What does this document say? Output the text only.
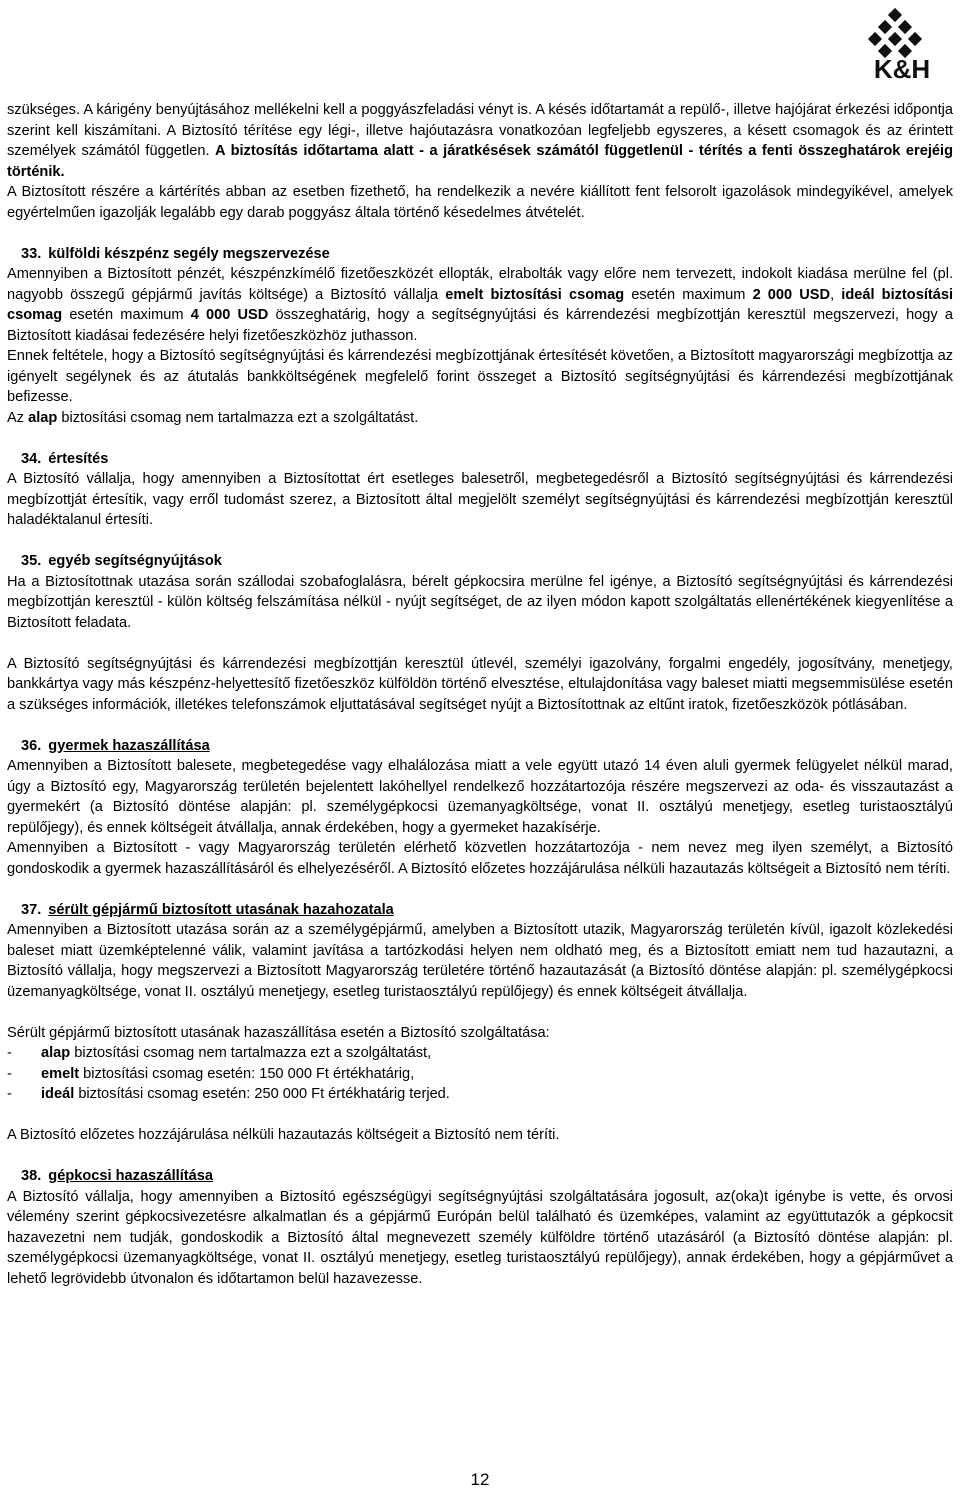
K&H

szükséges. A kárigény benyújtásához mellékelni kell a poggyászfeladási vényt is. A késés időtartamát a repülő-, illetve hajójárat érkezési időpontja szerint kell kiszámítani. A Biztosító térítése egy légi-, illetve hajóutazásra vonatkozóan legfeljebb egyszeres, a késett csomagok és az érintett személyek számától független. A biztosítás időtartama alatt - a járatkésések számától függetlenül - térítés a fenti összeghatárok erejéig történik.

A Biztosított részére a kártérítés abban az esetben fizethető, ha rendelkezik a nevére kiállított fent felsorolt igazolások mindegyikével, amelyek egyértelműen igazolják legalább egy darab poggyász általa történő késedelmes átvételét.

33. külföldi készpénz segély megszervezése

Amennyiben a Biztosított pénzét, készpénzkímélő fizetőeszközét ellopták, elrabolták vagy előre nem tervezett, indokolt kiadása merülne fel (pl. nagyobb összegű gépjármű javítás költsége) a Biztosító vállalja emelt biztosítási csomag esetén maximum 2 000 USD, ideál biztosítási csomag esetén maximum 4 000 USD összeghatárig, hogy a segítségnyújtási és kárrendezési megbízottján keresztül megszervezi, hogy a Biztosított kiadásai fedezésére helyi fizetőeszközhöz juthasson.

Ennek feltétele, hogy a Biztosító segítségnyújtási és kárrendezési megbízottjának értesítését követően, a Biztosított magyarországi megbízottja az igényelt segélynek és az átutalás bankköltségének megfelelő forint összeget a Biztosító segítségnyújtási és kárrendezési megbízottjának befizesse.

Az alap biztosítási csomag nem tartalmazza ezt a szolgáltatást.

34. értesítés

A Biztosító vállalja, hogy amennyiben a Biztosítottat ért esetleges balesetről, megbetegedésről a Biztosító segítségnyújtási és kárrendezési megbízottját értesítik, vagy erről tudomást szerez, a Biztosított által megjelölt személyt segítségnyújtási és kárrendezési megbízottján keresztül haladéktalanul értesíti.

35. egyéb segítségnyújtások

Ha a Biztosítottnak utazása során szállodai szobafoglalásra, bérelt gépkocsira merülne fel igénye, a Biztosító segítségnyújtási és kárrendezési megbízottján keresztül - külön költség felszámítása nélkül - nyújt segítséget, de az ilyen módon kapott szolgáltatás ellenértékének kiegyenlítése a Biztosított feladata.

A Biztosító segítségnyújtási és kárrendezési megbízottján keresztül útlevél, személyi igazolvány, forgalmi engedély, jogosítvány, menetjegy, bankkártya vagy más készpénz-helyettesítő fizetőeszköz külföldön történő elvesztése, eltulajdonítása vagy baleset miatti megsemmisülése esetén a szükséges információk, illetékes telefonszámok eljuttatásával segítséget nyújt a Biztosítottnak az eltűnt iratok, fizetőeszközök pótlásában.

36. gyermek hazaszállítása

Amennyiben a Biztosított balesete, megbetegedése vagy elhalálozása miatt a vele együtt utazó 14 éven aluli gyermek felügyelet nélkül marad, úgy a Biztosító egy, Magyarország területén bejelentett lakóhellyel rendelkező hozzátartozója részére megszervezi az oda- és visszautazást a gyermekért (a Biztosító döntése alapján: pl. személygépkocsi üzemanyagköltsége, vonat II. osztályú menetjegy, esetleg turistaosztályú repülőjegy), és ennek költségeit átvállalja, annak érdekében, hogy a gyermeket hazakísérje.

Amennyiben a Biztosított - vagy Magyarország területén elérhető közvetlen hozzátartozója - nem nevez meg ilyen személyt, a Biztosító gondoskodik a gyermek hazaszállításáról és elhelyezéséről. A Biztosító előzetes hozzájárulása nélküli hazautazás költségeit a Biztosító nem téríti.

37. sérült gépjármű biztosított utasának hazahozatala

Amennyiben a Biztosított utazása során az a személygépjármű, amelyben a Biztosított utazik, Magyarország területén kívül, igazolt közlekedési baleset miatt üzemképtelenné válik, valamint javítása a tartózkodási helyen nem oldható meg, és a Biztosított emiatt nem tud hazautazni, a Biztosító vállalja, hogy megszervezi a Biztosított Magyarország területére történő hazautazását (a Biztosító döntése alapján: pl. személygépkocsi üzemanyagköltsége, vonat II. osztályú menetjegy, esetleg turistaosztályú repülőjegy) és ennek költségeit átvállalja.

Sérült gépjármű biztosított utasának hazaszállítása esetén a Biztosító szolgáltatása:

- alap biztosítási csomag nem tartalmazza ezt a szolgáltatást,
- emelt biztosítási csomag esetén: 150 000 Ft értékhatárig,
- ideál biztosítási csomag esetén: 250 000 Ft értékhatárig terjed.

A Biztosító előzetes hozzájárulása nélküli hazautazás költségeit a Biztosító nem téríti.

38. gépkocsi hazaszállítása

A Biztosító vállalja, hogy amennyiben a Biztosító egészségügyi segítségnyújtási szolgáltatására jogosult, az(oka)t igénybe is vette, és orvosi vélemény szerint gépkocsivezetésre alkalmatlan és a gépjármű Európán belül található és üzemképes, valamint az együttutazók a gépkocsit hazavezetni nem tudják, gondoskodik a Biztosító által megnevezett személy külföldre történő utazásáról (a Biztosító döntése alapján: pl. személygépkocsi üzemanyagköltsége, vonat II. osztályú menetjegy, esetleg turistaosztályú repülőjegy), annak érdekében, hogy a gépjárművet a lehető legrövidebb útvonalon és időtartamon belül hazavezesse.

12
